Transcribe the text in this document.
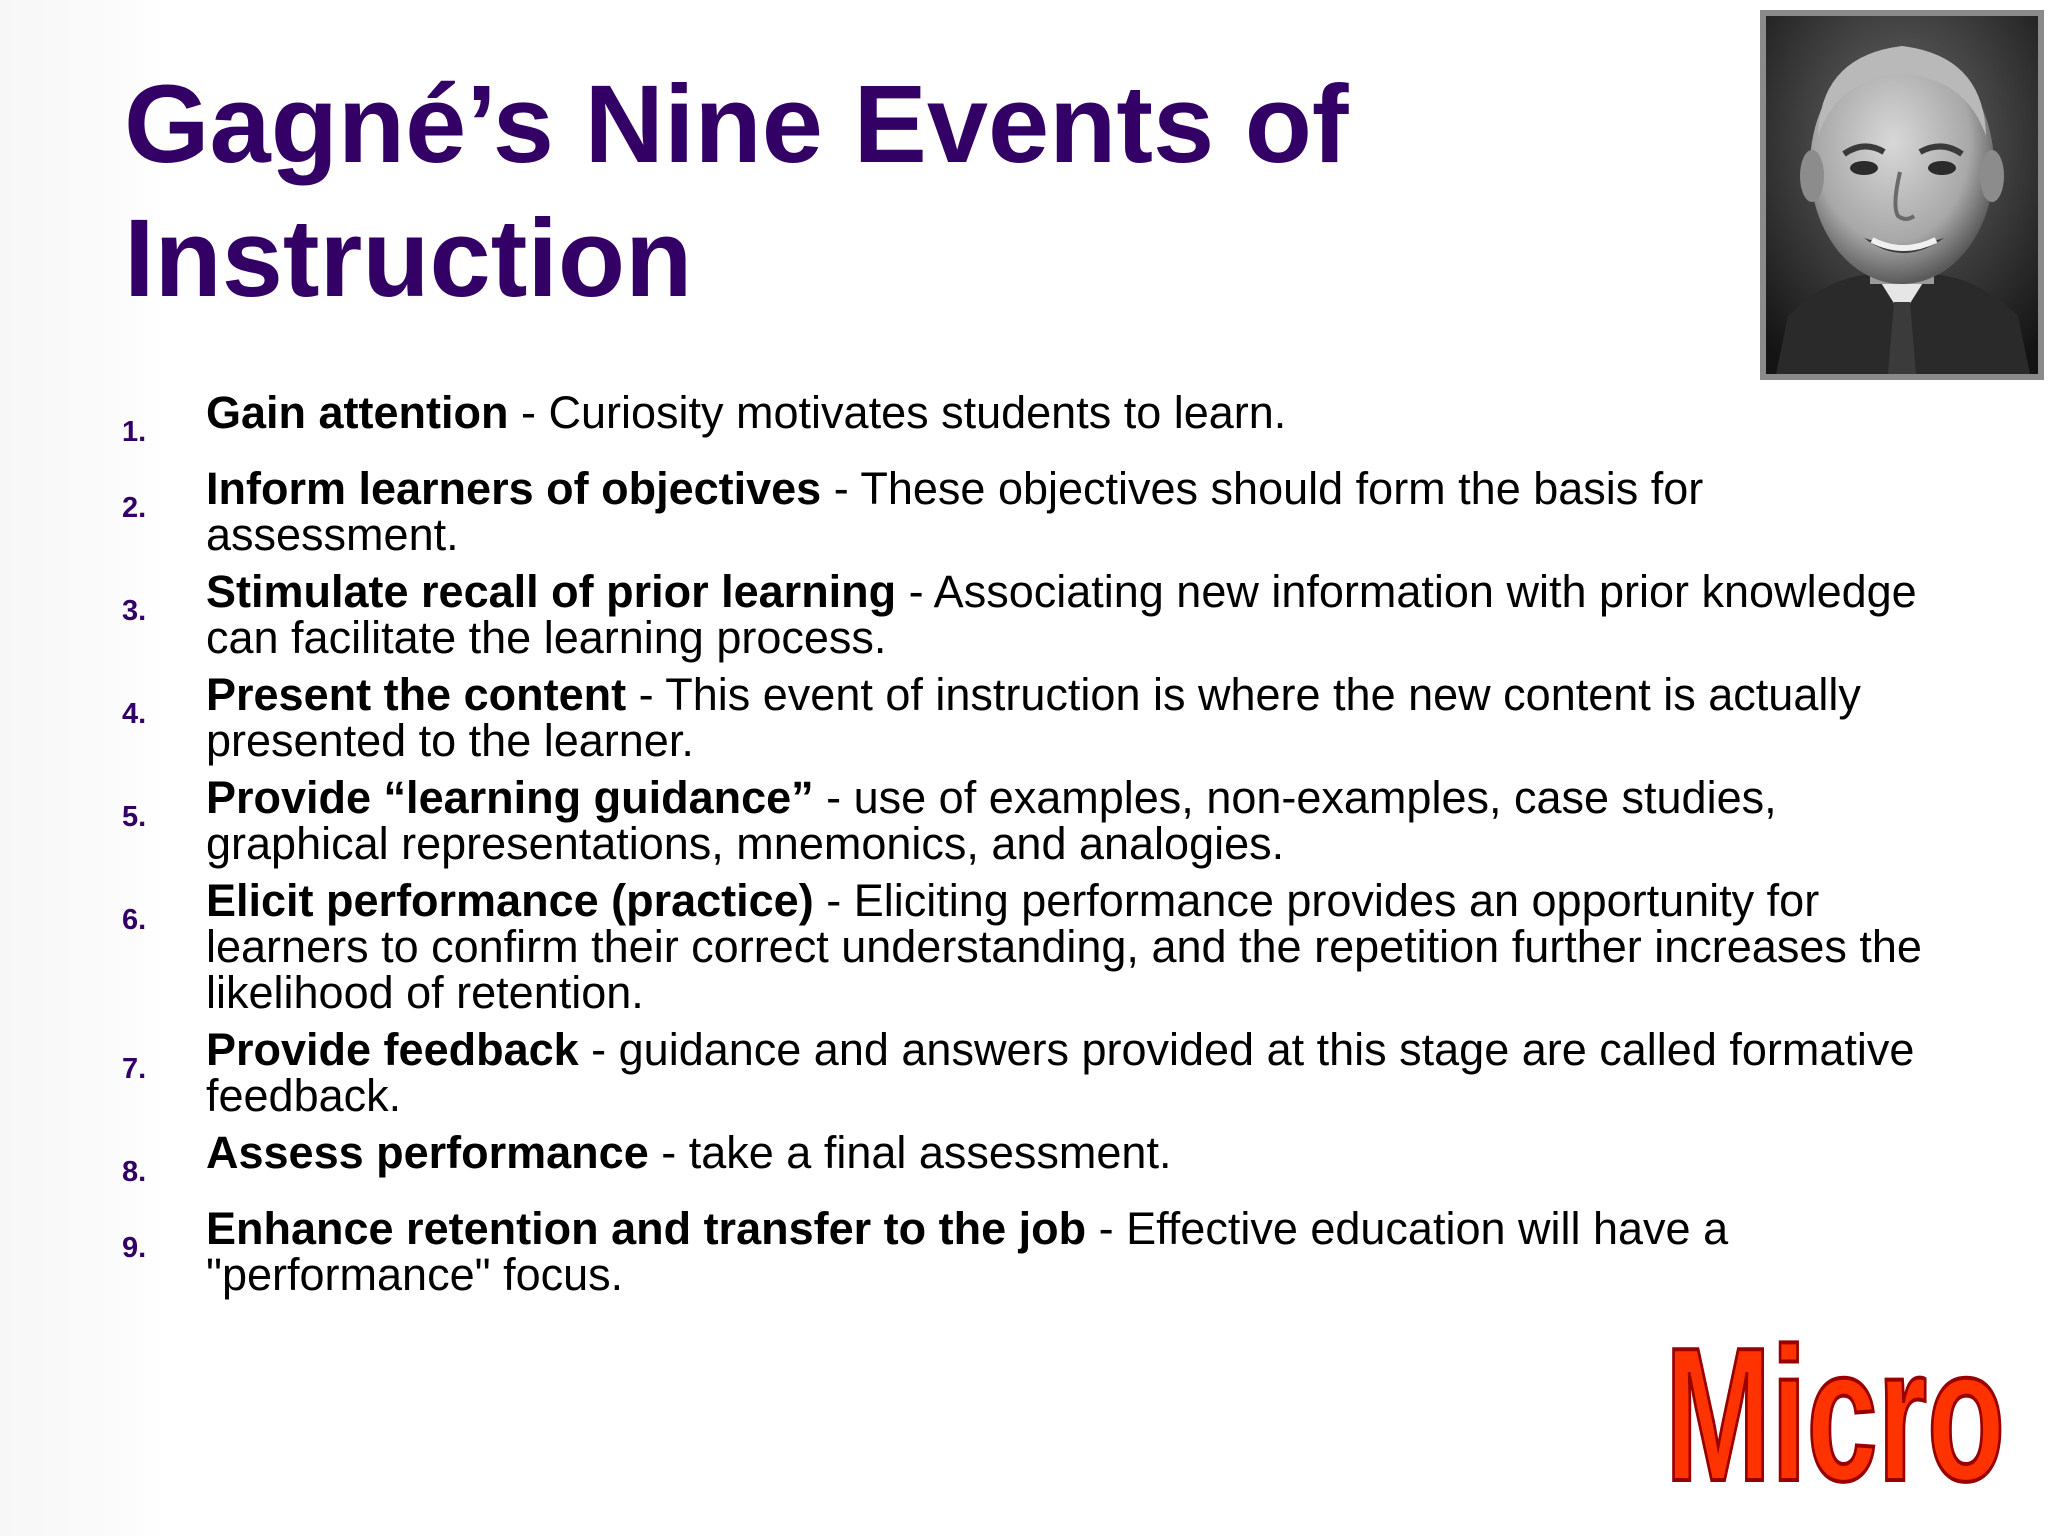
Gagné’s Nine Events of Instruction
1.	Gain attention - Curiosity motivates students to learn.
2.	Inform learners of objectives - These objectives should form the basis for assessment.
3.	Stimulate recall of prior learning - Associating new information with prior knowledge can facilitate the learning process.
4.	Present the content - This event of instruction is where the new content is actually presented to the learner.
5.	Provide “learning guidance” - use of examples, non-examples, case studies, graphical representations, mnemonics, and analogies.
6.	Elicit performance (practice) - Eliciting performance provides an opportunity for learners to confirm their correct understanding, and the repetition further increases the likelihood of retention.
7.	Provide feedback - guidance and answers provided at this stage are called formative feedback.
8.	Assess performance - take a final assessment.
9.	Enhance retention and transfer to the job - Effective education will have a "performance" focus.
Micro
